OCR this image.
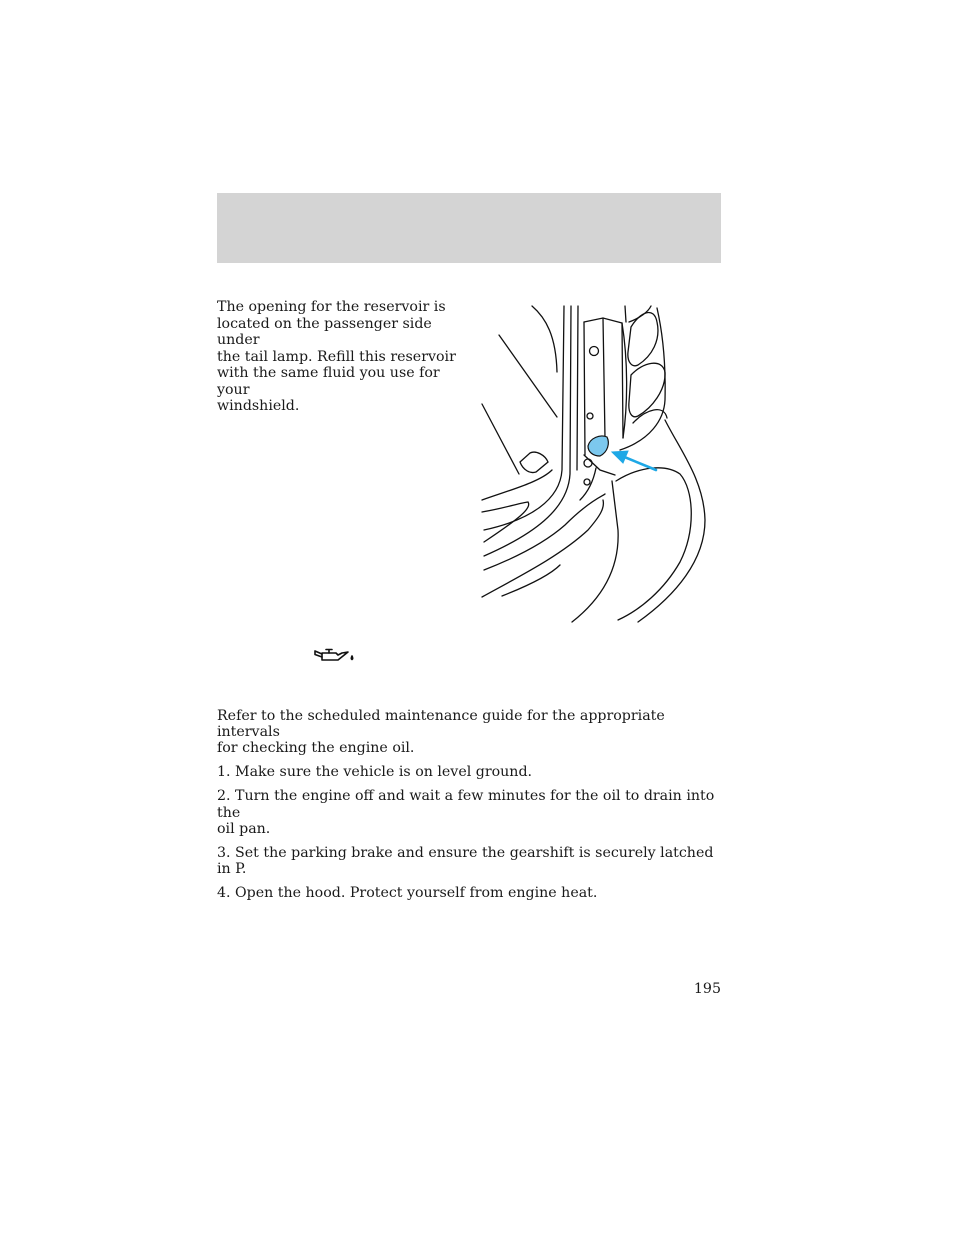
The opening for the reservoir is
located on the passenger side under
the tail lamp. Refill this reservoir
with the same fluid you use for your
windshield.

Refer to the scheduled maintenance guide for the appropriate intervals
for checking the engine oil.

1. Make sure the vehicle is on level ground.

2. Turn the engine off and wait a few minutes for the oil to drain into the
oil pan.

3. Set the parking brake and ensure the gearshift is securely latched in P.

4. Open the hood. Protect yourself from engine heat.

195
